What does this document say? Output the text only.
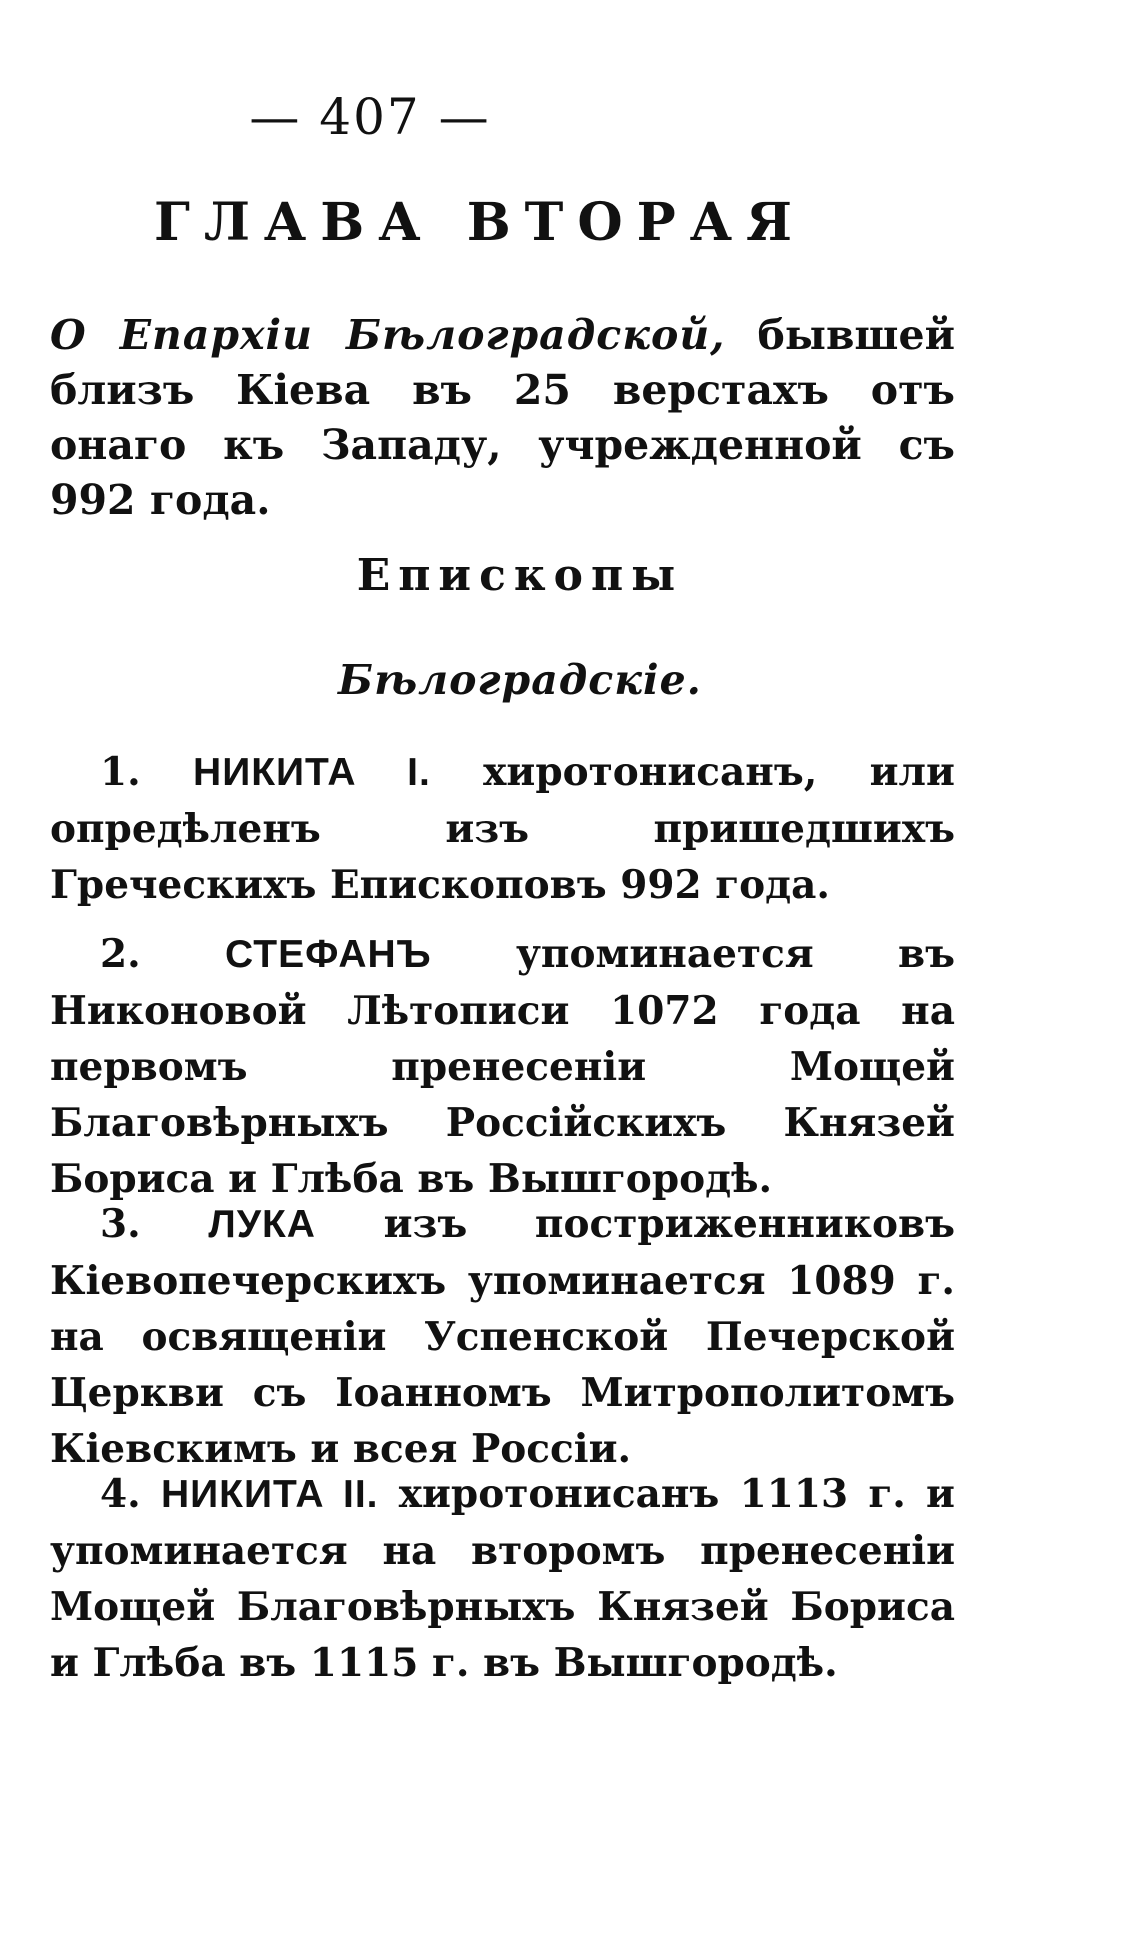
— 407 —
ГЛАВА ВТОРАЯ
О Епархіи Бѣлоградской, бывшей близъ Кіева въ 25 верстахъ отъ онаго къ Западу, учрежденной съ 992 года.
Епископы
Бѣлоградскіе.
1. НИКИТА I. хиротонисанъ, или опредѣленъ изъ пришедшихъ Греческихъ Епископовъ 992 года.
2. СТЕФАНЪ упоминается въ Никоновой Лѣтописи 1072 года на первомъ пренесеніи Мощей Благовѣрныхъ Россійскихъ Князей Бориса и Глѣба въ Вышгородѣ.
3. ЛУКА изъ постриженниковъ Кіевопечерскихъ упоминается 1089 г. на освященіи Успенской Печерской Церкви съ Іоанномъ Митрополитомъ Кіевскимъ и всея Россіи.
4. НИКИТА II. хиротонисанъ 1113 г. и упоминается на второмъ пренесеніи Мощей Благовѣрныхъ Князей Бориса и Глѣба въ 1115 г. въ Вышгородѣ.
